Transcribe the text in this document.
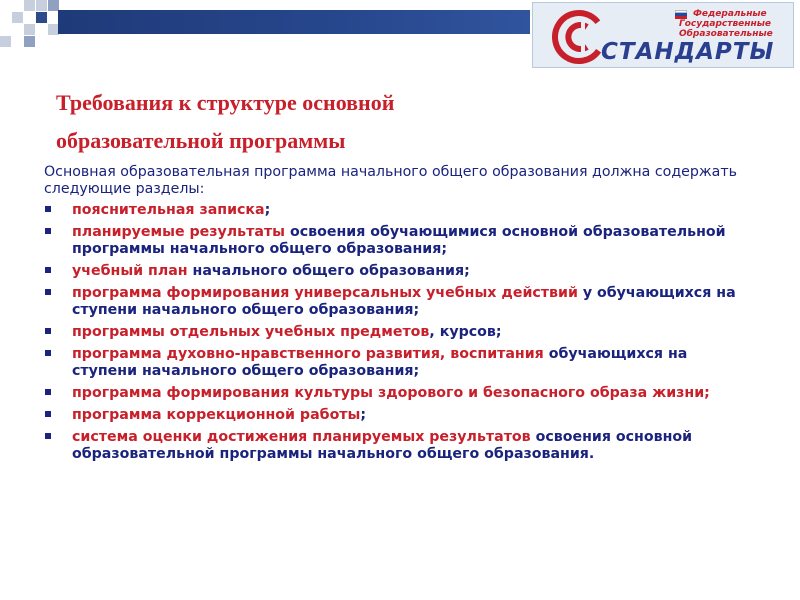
Федеральные
Государственные
Образовательные
СТАНДАРТЫ
Требования к структуре основной
образовательной программы

Основная образовательная программа начального общего образования должна содержать следующие разделы:

пояснительная записка;
планируемые результаты освоения обучающимися основной образовательной программы начального общего образования;
учебный план начального общего образования;
программа формирования универсальных учебных действий у обучающихся на ступени начального общего образования;
программы отдельных учебных предметов, курсов;
программа духовно-нравственного развития, воспитания обучающихся на ступени начального общего образования;
программа формирования культуры здорового и безопасного образа жизни;
программа коррекционной работы;
система оценки достижения планируемых результатов освоения основной образовательной программы начального общего образования.
